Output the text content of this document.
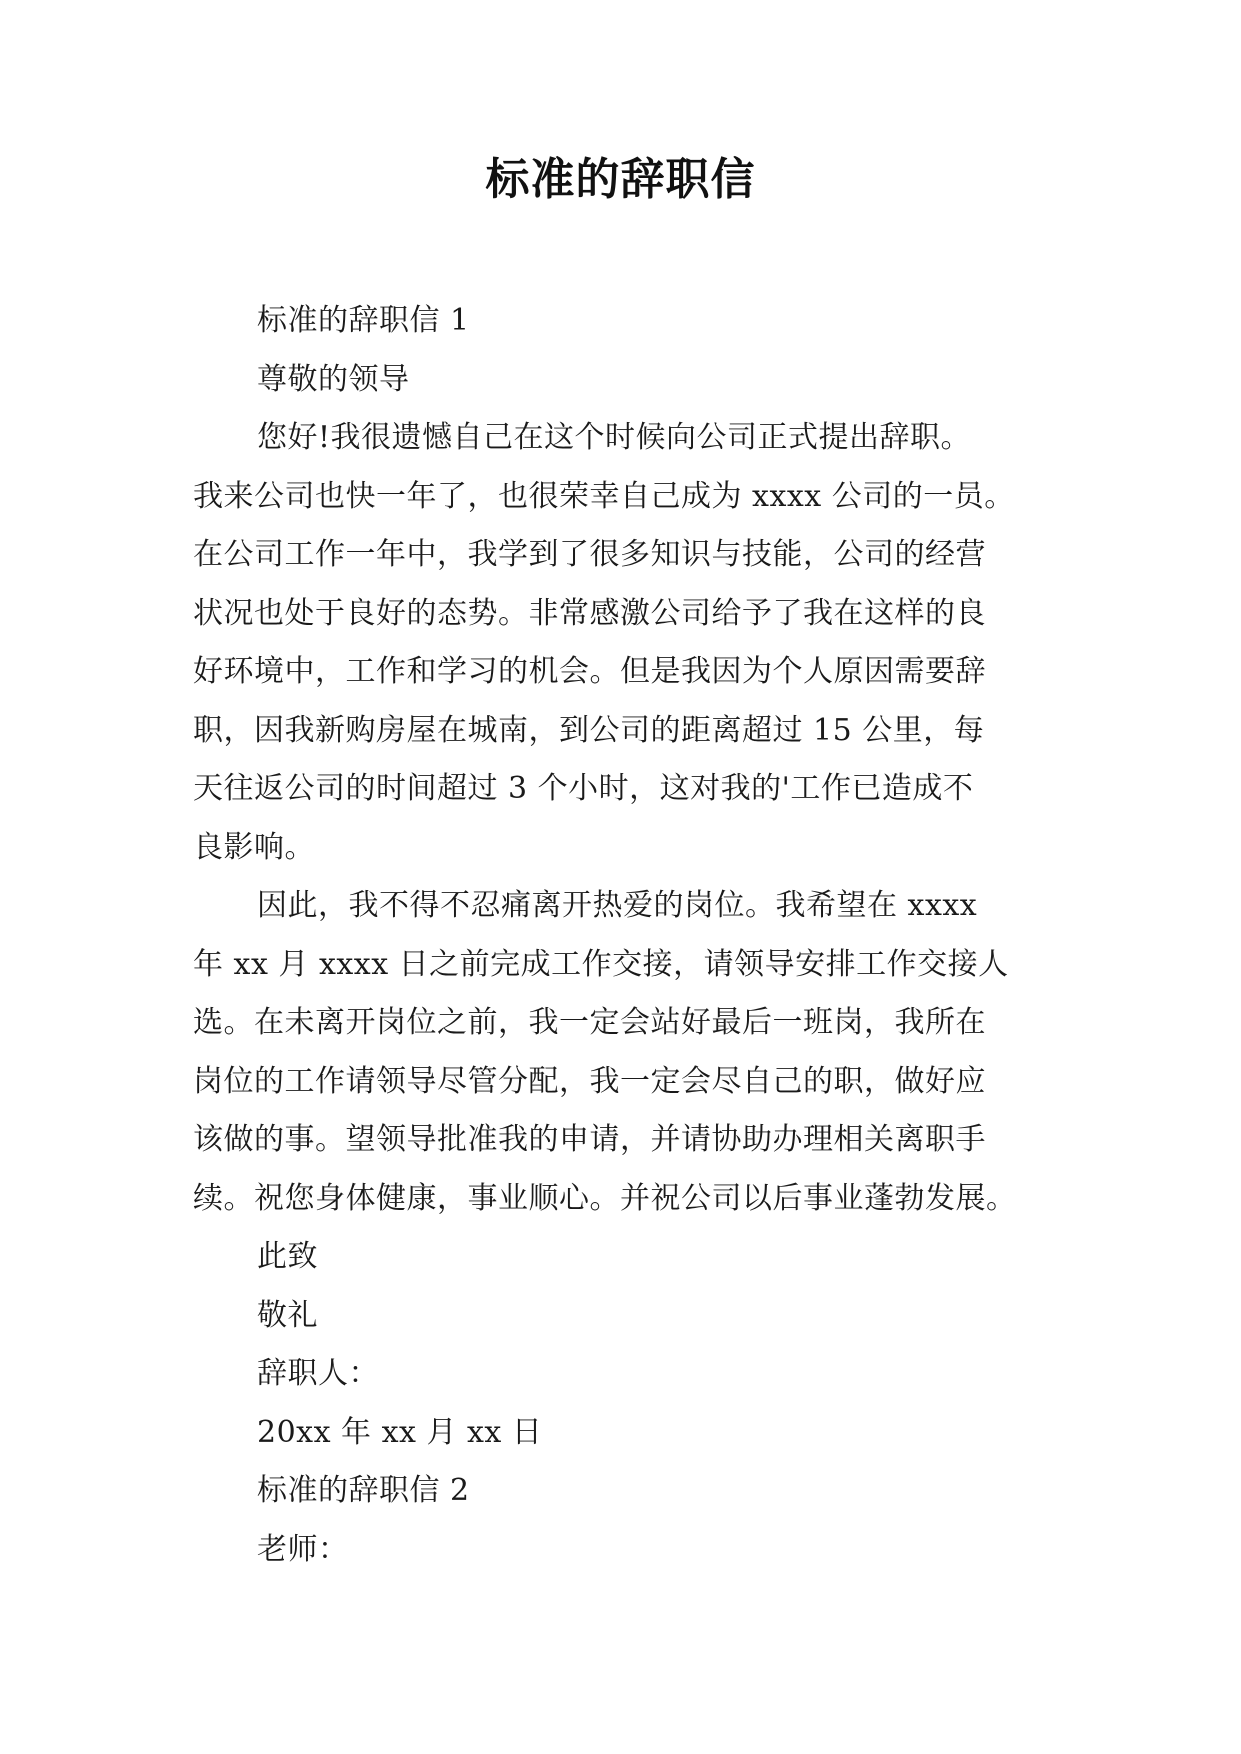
标准的辞职信
标准的辞职信 1
尊敬的领导
您好!我很遗憾自己在这个时候向公司正式提出辞职。
我来公司也快一年了，也很荣幸自己成为 xxxx 公司的一员。
在公司工作一年中，我学到了很多知识与技能，公司的经营
状况也处于良好的态势。非常感激公司给予了我在这样的良
好环境中，工作和学习的机会。但是我因为个人原因需要辞
职，因我新购房屋在城南，到公司的距离超过 15 公里，每
天往返公司的时间超过 3 个小时，这对我的'工作已造成不
良影响。
因此，我不得不忍痛离开热爱的岗位。我希望在 xxxx
年 xx 月 xxxx 日之前完成工作交接，请领导安排工作交接人
选。在未离开岗位之前，我一定会站好最后一班岗，我所在
岗位的工作请领导尽管分配，我一定会尽自己的职，做好应
该做的事。望领导批准我的申请，并请协助办理相关离职手
续。祝您身体健康，事业顺心。并祝公司以后事业蓬勃发展。
此致
敬礼
辞职人：
20xx 年 xx 月 xx 日
标准的辞职信 2
老师：
